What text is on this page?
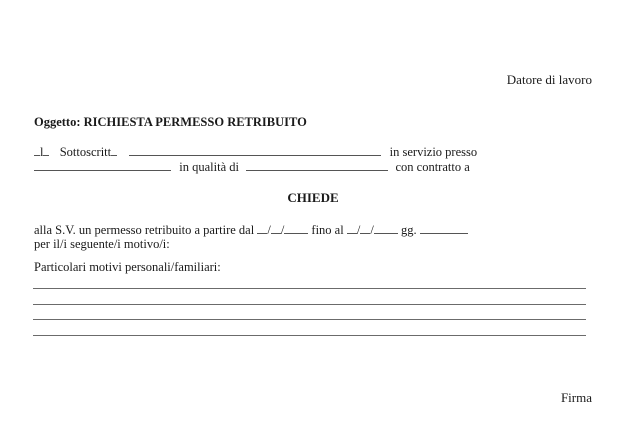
Datore di lavoro
Oggetto: RICHIESTA PERMESSO RETRIBUITO
l Sottoscritt	in servizio presso
in qualità di	con contratto a
CHIEDE
alla S.V. un permesso retribuito a partire dal / / fino al / / gg.
per il/i seguente/i motivo/i:
Particolari motivi personali/familiari:
Firma
